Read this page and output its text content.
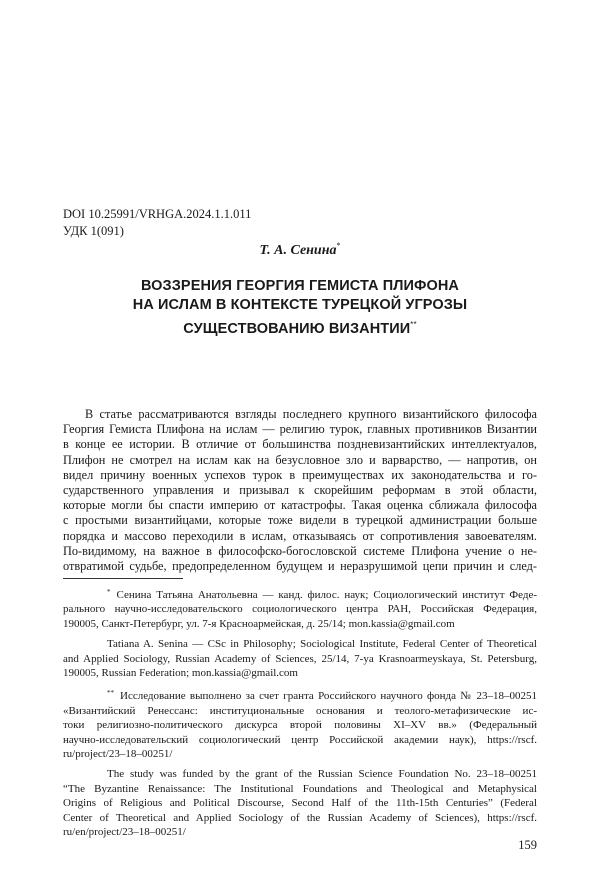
DOI 10.25991/VRHGA.2024.1.1.011
УДК 1(091)
Т. А. Сенина*
ВОЗЗРЕНИЯ ГЕОРГИЯ ГЕМИСТА ПЛИФОНА
НА ИСЛАМ В КОНТЕКСТЕ ТУРЕЦКОЙ УГРОЗЫ
СУЩЕСТВОВАНИЮ ВИЗАНТИИ**
В статье рассматриваются взгляды последнего крупного византийского философа
Георгия Гемиста Плифона на ислам — религию турок, главных противников Византии
в конце ее истории. В отличие от большинства поздневизантийских интеллектуалов,
Плифон не смотрел на ислам как на безусловное зло и варварство, — напротив, он
видел причину военных успехов турок в преимуществах их законодательства и го-
сударственного управления и призывал к скорейшим реформам в этой области,
которые могли бы спасти империю от катастрофы. Такая оценка сближала философа
с простыми византийцами, которые тоже видели в турецкой администрации больше
порядка и массово переходили в ислам, отказываясь от сопротивления завоевателям.
По-видимому, на важное в философско-богословской системе Плифона учение о не-
отвратимой судьбе, предопределенном будущем и неразрушимой цепи причин и след-
* Сенина Татьяна Анатольевна — канд. филос. наук; Социологический институт Феде-
рального научно-исследовательского социологического центра РАН, Российская Федерация,
190005, Санкт-Петербург, ул. 7-я Красноармейская, д. 25/14; mon.kassia@gmail.com
Tatiana A. Senina — CSc in Philosophy; Sociological Institute, Federal Center of Theoretical
and Applied Sociology, Russian Academy of Sciences, 25/14, 7-ya Krasnoarmeyskaya, St. Petersburg,
190005, Russian Federation; mon.kassia@gmail.com
** Исследование выполнено за счет гранта Российского научного фонда № 23–18–00251
«Византийский Ренессанс: институциональные основания и теолого-метафизические ис-
токи религиозно-политического дискурса второй половины XI–XV вв.» (Федеральный
научно-исследовательский социологический центр Российской академии наук), https://rscf.
ru/project/23–18–00251/
The study was funded by the grant of the Russian Science Foundation No. 23–18–00251
“The Byzantine Renaissance: The Institutional Foundations and Theological and Metaphysical
Origins of Religious and Political Discourse, Second Half of the 11th-15th Centuries” (Federal
Center of Theoretical and Applied Sociology of the Russian Academy of Sciences), https://rscf.
ru/en/project/23–18–00251/
159
